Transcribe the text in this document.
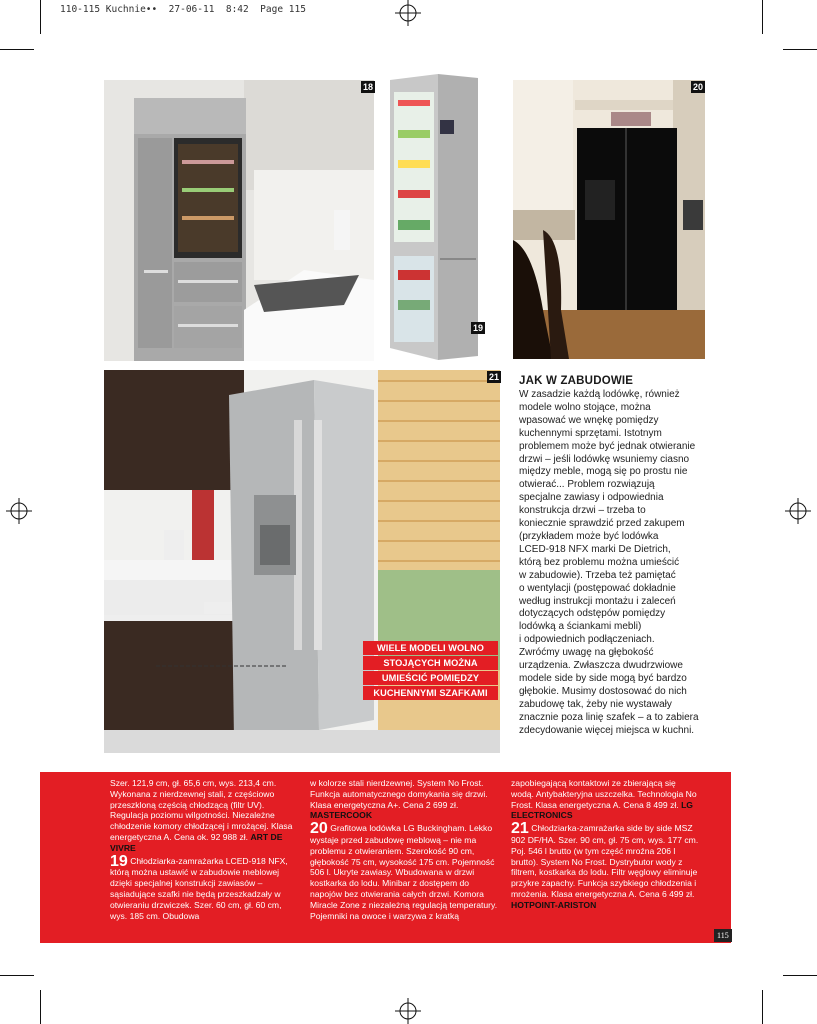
110-115 Kuchnie••  27-06-11  8:42  Page 115
18
19
20
21
WIELE MODELI WOLNO
STOJĄCYCH MOŻNA
UMIEŚCIĆ POMIĘDZY
KUCHENNYMI SZAFKAMI
JAK W ZABUDOWIE

W zasadzie każdą lodówkę, również
modele wolno stojące, można
wpasować we wnękę pomiędzy
kuchennymi sprzętami. Istotnym
problemem może być jednak otwieranie
drzwi – jeśli lodówkę wsuniemy ciasno
między meble, mogą się po prostu nie
otwierać... Problem rozwiązują
specjalne zawiasy i odpowiednia
konstrukcja drzwi – trzeba to
koniecznie sprawdzić przed zakupem
(przykładem może być lodówka
LCED-918 NFX marki De Dietrich,
którą bez problemu można umieścić
w zabudowie). Trzeba też pamiętać
o wentylacji (postępować dokładnie
według instrukcji montażu i zaleceń
dotyczących odstępów pomiędzy
lodówką a ściankami mebli)
i odpowiednich podłączeniach.
Zwróćmy uwagę na głębokość
urządzenia. Zwłaszcza dwudrzwiowe
modele side by side mogą być bardzo
głębokie. Musimy dostosować do nich
zabudowę tak, żeby nie wystawały
znacznie poza linię szafek – a to zabiera
zdecydowanie więcej miejsca w kuchni.

Szer. 121,9 cm, gł. 65,6 cm, wys. 213,4 cm. Wykonana z nierdzewnej stali, z częściowo przeszkloną częścią chłodzącą (filtr UV). Regulacja poziomu wilgotności. Niezależne chłodzenie komory chłodzącej i mrożącej. Klasa energetyczna A. Cena ok. 92 988 zł. ART DE VIVRE

19 Chłodziarka-zamrażarka LCED-918 NFX, którą można ustawić w zabudowie meblowej dzięki specjalnej konstrukcji zawiasów – sąsiadujące szafki nie będą przeszkadzały w otwieraniu drzwiczek. Szer. 60 cm, gł. 60 cm, wys. 185 cm. Obudowa

w kolorze stali nierdzewnej. System No Frost. Funkcja automatycznego domykania się drzwi. Klasa energetyczna A+. Cena 2 699 zł. MASTERCOOK

20 Grafitowa lodówka LG Buckingham. Lekko wystaje przed zabudowę meblową – nie ma problemu z otwieraniem. Szerokość 90 cm, głębokość 75 cm, wysokość 175 cm. Pojemność 506 l. Ukryte zawiasy. Wbudowana w drzwi kostkarka do lodu. Minibar z dostępem do napojów bez otwierania całych drzwi. Komora Miracle Zone z niezależną regulacją temperatury. Pojemniki na owoce i warzywa z kratką

zapobiegającą kontaktowi ze zbierającą się wodą. Antybakteryjna uszczelka. Technologia No Frost. Klasa energetyczna A. Cena 8 499 zł. LG ELECTRONICS

21 Chłodziarka-zamrażarka side by side MSZ 902 DF/HA. Szer. 90 cm, gł. 75 cm, wys. 177 cm. Poj. 546 l brutto (w tym część mroźna 206 l brutto). System No Frost. Dystrybutor wody z filtrem, kostkarka do lodu. Filtr węglowy eliminuje przykre zapachy. Funkcja szybkiego chłodzenia i mrożenia. Klasa energetyczna A. Cena 6 499 zł. HOTPOINT-ARISTON

115
